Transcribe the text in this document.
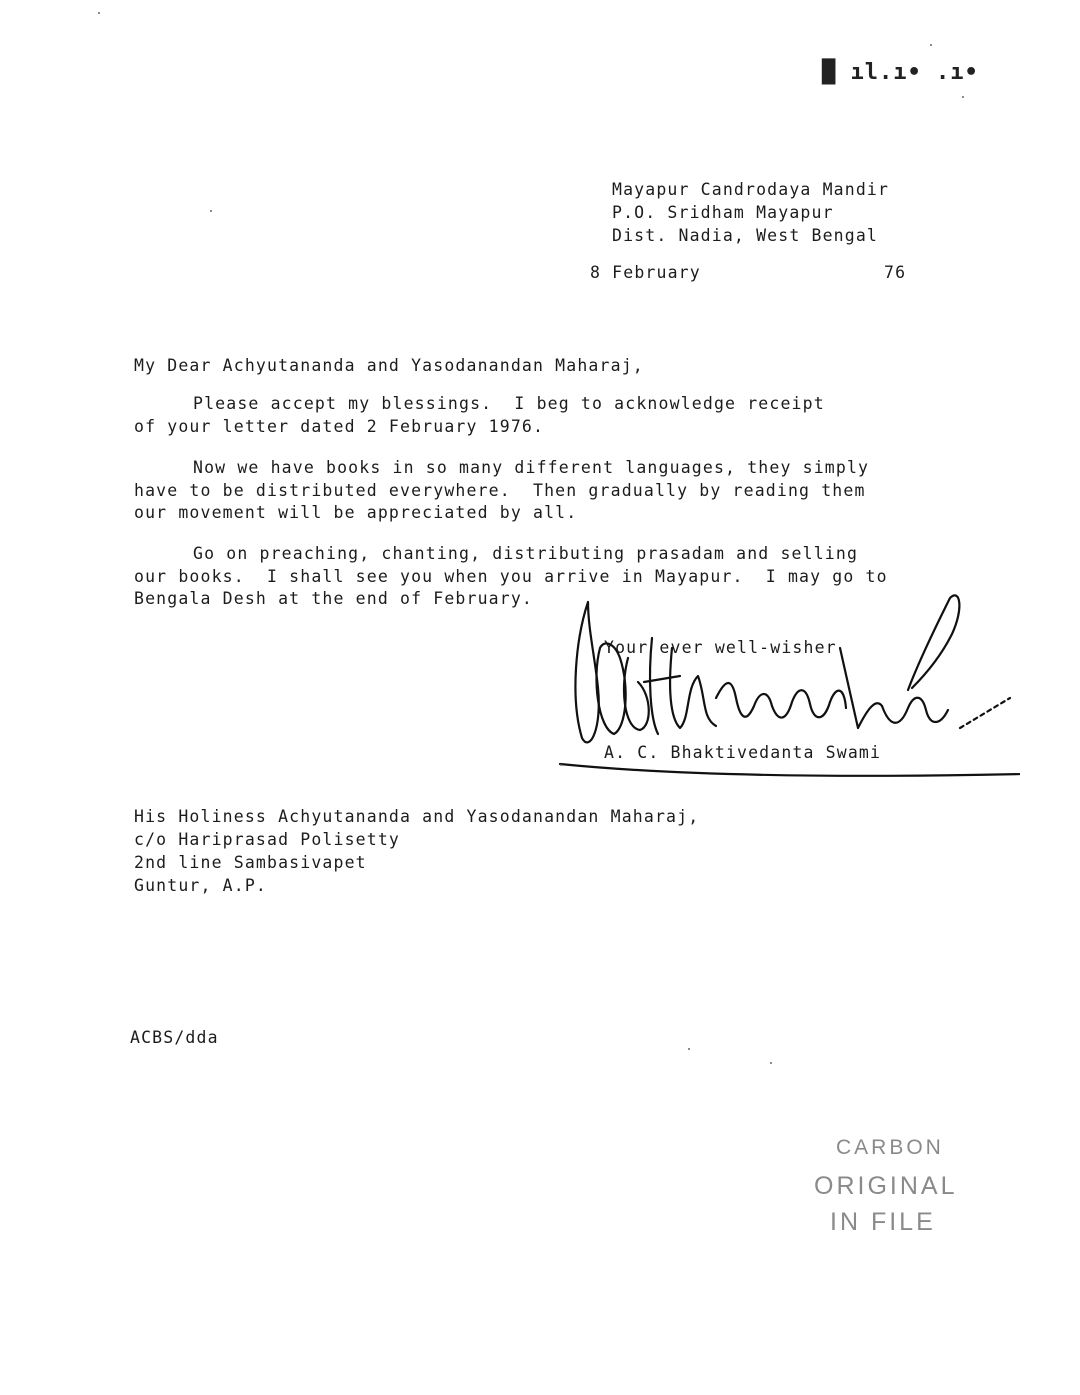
█ ıl.ı• .ı•
Mayapur Candrodaya Mandir
P.O. Sridham Mayapur
Dist. Nadia, West Bengal
8 February	76
My Dear Achyutananda and Yasodanandan Maharaj,
Please accept my blessings.  I beg to acknowledge receipt
of your letter dated 2 February 1976.
Now we have books in so many different languages, they simply
have to be distributed everywhere.  Then gradually by reading them
our movement will be appreciated by all.
Go on preaching, chanting, distributing prasadam and selling
our books.  I shall see you when you arrive in Mayapur.  I may go to
Bengala Desh at the end of February.
Your ever well-wisher
A. C. Bhaktivedanta Swami
His Holiness Achyutananda and Yasodanandan Maharaj,
c/o Hariprasad Polisetty
2nd line Sambasivapet
Guntur, A.P.
ACBS/dda
CARBON
ORIGINAL
IN FILE
